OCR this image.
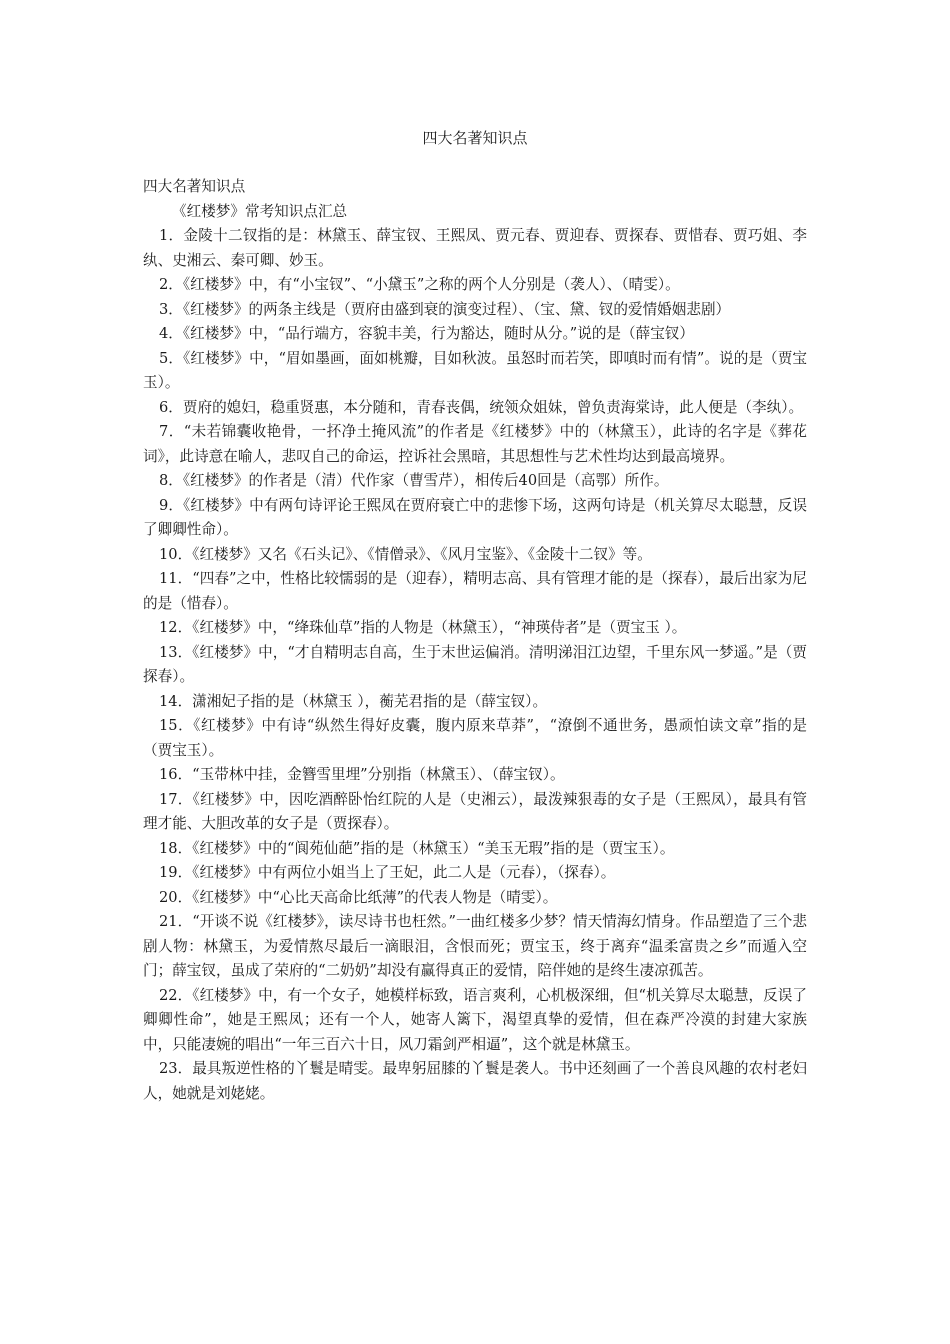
四大名著知识点

四大名著知识点

《红楼梦》常考知识点汇总

1．金陵十二钗指的是：林黛玉、薛宝钗、王熙凤、贾元春、贾迎春、贾探春、贾惜春、贾巧姐、李纨、史湘云、秦可卿、妙玉。
2．《红楼梦》中，有“小宝钗”、“小黛玉”之称的两个人分别是（袭人）、（晴雯）。
3．《红楼梦》的两条主线是（贾府由盛到衰的演变过程）、（宝、黛、钗的爱情婚姻悲剧）
4．《红楼梦》中，“品行端方，容貌丰美，行为豁达，随时从分。”说的是（薛宝钗）
5．《红楼梦》中，“眉如墨画，面如桃瓣，目如秋波。虽怒时而若笑，即嗔时而有情”。说的是（贾宝玉）。
6．贾府的媳妇，稳重贤惠，本分随和，青春丧偶，统领众姐妹，曾负责海棠诗，此人便是（李纨）。
7．“未若锦囊收艳骨，一抔净土掩风流”的作者是《红楼梦》中的（林黛玉），此诗的名字是《葬花词》，此诗意在喻人，悲叹自己的命运，控诉社会黑暗，其思想性与艺术性均达到最高境界。
8．《红楼梦》的作者是（清）代作家（曹雪芹），相传后40回是（高鄂）所作。
9．《红楼梦》中有两句诗评论王熙凤在贾府衰亡中的悲惨下场，这两句诗是（机关算尽太聪慧，反误了卿卿性命）。
10．《红楼梦》又名《石头记》、《情僧录》、《风月宝鉴》、《金陵十二钗》等。
11．“四春”之中，性格比较懦弱的是（迎春），精明志高、具有管理才能的是（探春），最后出家为尼的是（惜春）。
12．《红楼梦》中，“绛珠仙草”指的人物是（林黛玉），“神瑛侍者”是（贾宝玉 ）。
13．《红楼梦》中，“才自精明志自高，生于末世运偏消。清明涕泪江边望，千里东风一梦遥。”是（贾探春）。
14．潇湘妃子指的是（林黛玉 ），蘅芜君指的是（薛宝钗）。
15．《红楼梦》中有诗“纵然生得好皮囊，腹内原来草莽”，“潦倒不通世务，愚顽怕读文章”指的是（贾宝玉）。
16．“玉带林中挂，金簪雪里埋”分别指（林黛玉）、（薛宝钗）。
17．《红楼梦》中，因吃酒醉卧怡红院的人是（史湘云），最泼辣狠毒的女子是（王熙凤），最具有管理才能、大胆改革的女子是（贾探春）。
18．《红楼梦》中的“阆苑仙葩”指的是（林黛玉）“美玉无瑕”指的是（贾宝玉）。
19．《红楼梦》中有两位小姐当上了王妃，此二人是（元春），（探春）。
20．《红楼梦》中“心比天高命比纸薄”的代表人物是（晴雯）。
21．“开谈不说《红楼梦》，读尽诗书也枉然。”一曲红楼多少梦？情天情海幻情身。作品塑造了三个悲剧人物：林黛玉，为爱情熬尽最后一滴眼泪，含恨而死；贾宝玉，终于离弃“温柔富贵之乡”而遁入空门；薛宝钗，虽成了荣府的“二奶奶”却没有赢得真正的爱情，陪伴她的是终生凄凉孤苦。
22．《红楼梦》中，有一个女子，她模样标致，语言爽利，心机极深细，但“机关算尽太聪慧，反误了卿卿性命”，她是王熙凤；还有一个人，她寄人篱下，渴望真挚的爱情，但在森严冷漠的封建大家族中，只能凄婉的唱出“一年三百六十日，风刀霜剑严相逼”，这个就是林黛玉。
23．最具叛逆性格的丫鬟是晴雯。最卑躬屈膝的丫鬟是袭人。书中还刻画了一个善良风趣的农村老妇人，她就是刘姥姥。
